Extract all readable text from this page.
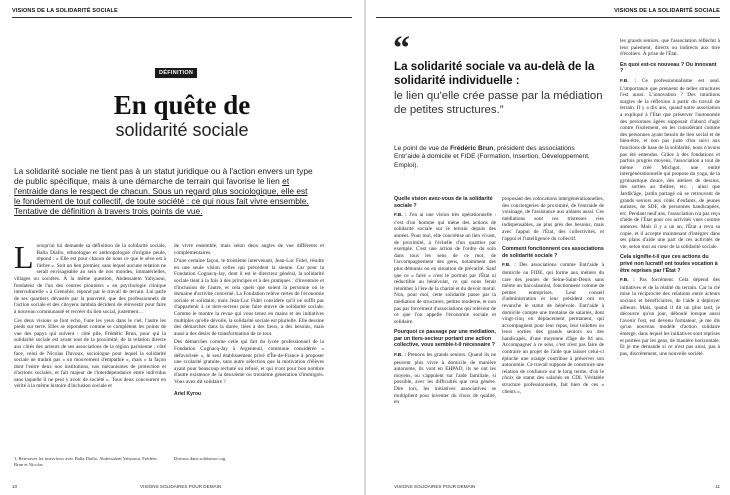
VISIONS DE LA SOLIDARITÉ SOCIALE
DÉFINITION
En quête de
solidarité sociale
La solidarité sociale ne tient pas à un statut juridique ou à l'action envers un type de public spécifique, mais à une démarche de terrain qui favorise le lien et l'entraide dans le respect de chacun. Sous un regard plus sociologique, elle est le fondement de tout collectif, de toute société : ce qui nous fait vivre ensemble. Tentative de définition à travers trois points de vue.
L orsqu'on lui demande sa définition de la solidarité sociale, Balla Diallo, ethnologue et anthropologue d'origine peule, répond : « Elle est pour chacun de nous ce que le sève est à l'arbre ». Soit un lien premier, sans lequel aucune relation ne serait envisageable au sein de nos mondes, immatérielles, villages ou sociétés. À la même question, Abdessalem Yahyaoui, fondateur de l'un des centres pionniers « en psychologie clinique interculturelle » à Grenoble, répond par le travail de terrain. Lui parle de ses quartiers dévastés par la pauvreté, que des professionnels de l'action sociale et des citoyens lambda décident de réinvestir pour faire à nouveau communauté et recréer du lien social, justement…

Ces deux visions se font écho, l'une les yeux dans le ciel, l'autre les pieds sur terre. Elles se répondent comme se complètent les points de vue des papys qui suivent : côté pile, Frédéric Brun, pour qui la solidarité sociale est avant tout de la proximité, de la relation directe aux côtés des acteurs de ses associations de la région parisienne ; côté face, celui de Nicolas Duvoux, sociologue pour lequel la solidarité sociale ne traduit pas « un mouvement d'empathie », mais « la façon dont l'entre deux nos institutions, nos mécanismes de protection et d'actions sociales, et fait majeur de l'interdépendance entre individus sans laquelle il ne peut y avoir de société ». Tous deux concourent en vérité à la même histoire d'inclusion sociale et

de vivre ensemble, mais selon deux angles de vue différents et complémentaires.

D'une certaine façon, le troisième intervenant, Jean-Luc Fidel, résulte en une seule vision celles qui précèdent la sienne. Car pour la Fondation Cognacq-Jay, dont il est le directeur général, la solidarité sociale tient à la fois à des principes et à des pratiques : d'inventure et d'inclusion de l'autre, et cela quels que soient la personne ou le domaine d'activité concerné. La Fondation relève certes de l'économie sociale et solidaire, mais Jean-Luc Fidel considère qu'il ne suffit pas d'appartenir à ce tiers-secteur pour faire œuvre de solidarité sociale. Comme le montre la revue qui vous tenez en mains et les initiatives multiples qu'elle dévoile, la solidarité sociale est plurielle. Elle dessine des démarches dans la durée, liées à des lieux, à des besoins, mais aussi à des désirs de transformation de ce tout.

Des démarches comme celle qui fait du lycée professionnel de la Fondation Cognacq-Jay à Argenteuil, commune considérée « défavorisée », le seul établissement privé d'Île-de-France à proposer une scolarité gratuite, sans autre sélection que la motivation d'élèves ayant pour beaucoup rechuté ou refusé, et qui n'ont pour bon nombre d'autre existence de la deuxième ou troisième génération d'immigrés. Vous avez dit solidaire ?

Ariel Kyrou
1. Retrouvez les interviews avec Balla Diallo, Abdessalem Yahyaoui, Frédéric Brun et Nicolas
Duvoux dans solidarsoc.org
10	VISIONS SOLIDAIRES POUR DEMAIN
VISIONS DE LA SOLIDARITÉ SOCIALE
“
La solidarité sociale va au-delà de la solidarité individuelle :
le lien qu'elle crée passe par la médiation de petites structures.”
Le point de vue de Frédéric Brun, président des associations Entr'aide à domicile et FIDE (Formation, Insertion, Développement, Emploi).
Quelle vision avez-vous de la solidarité sociale ?

F.B. : J'en ai une vision très opérationnelle : c'est d'un homme qui mène des actions de solidarité sociale sur le terrain depuis des années. Pour moi, elle concrétise un lien vivant, de proximité, à l'échelle d'un quartier par exemple. C'est une action de l'ordre du soin dans tous les sens de ce mot, de l'accompagnement des gens, notamment des plus démunis ou en situation de précarité. Sauf que ce « faire » n'est le portrait par l'État ni réductible au bénévolat, ce qui nous ferait retomber à l'ère de la charité et du devoir moral. Non, pour moi, cette solidarité passe par la médiation de structures, petites moderne, et non pas par forcément d'associations qui relèvent de ce que l'on appelle l'économie sociale et solidaire.

Pourquoi ce passage par une médiation, par un tiers-secteur portant une action collective, vous semble-t-il nécessaire ?

F.B. : Prenons les grands seniors. Quand ils ne peuvent plus vivre à domicile de manière autonome, ils vont en EHPAD, ils ne ont les moyens, ou s'appuient sur l'aide familiale, si possible, avec les difficultés que cela génère. Dire lors, les initiatives associatives se multiplient pour inventer du choix de qualité, en

proposant des colocations intergénérationnelles, des conciergeries de proximité, de l'entraide de voisinage, de l'assistance aux aidants aussi. Ces médiations sont ces tristesses vies indispensables, au plus près des besoins, mais avec l'appui de l'État, des collectivités, et l'appui et l'intelligence du collectif.

Comment fonctionnent ces associations de solidarité sociale ?

F.B. : Des associations comme Entr'aide à domicile ou FIDE, qui forme aux métiers du care des jeunes de Seine-Saint-Denis sans même un baccalauréat, fonctionnent comme de petites entreprises. Leur conseil d'administration et leur président ont en revanche le statut de bénévole. Entr'aide à domicile compte une trentaine de salariés, dont vingt-cinq en déplacement permanent, qui accompagnent pour leur repas, leur toilettes ou leurs sorties des grands seniors ou des handicapés, d'une moyenne d'âge de 84 ans. Accompagner à ce sens, c'est n'est pas faire de contraire un projet de l'aide que laisser celui-ci épluche une orange contribue à préserver son autonomie. Ce travail suppose de construire une relation de confiance sur le long terme, d'où le choix de statut des salariés en CDI. Véritable structure professionnelle, fait bien de ces « clients »,

les grands seniors, que l'association réfléchit à leur paiement, directs ou indirects aux titre d'écoliers. À prise de l'État.

En quoi est-ce nouveau ? Ou innovant ?

F.B. : Ce professionnalisme est seul. L'importance que prennent de telles structures l'est aussi. L'innovation ? Des intuitions surgies de la réflexion à partir du travail de terrain. Il y a dix ans, quand notre association a expliqué à l'État que préserver l'autonomie des personnes âgées supposait d'abord d'agir contre l'isolement, en les considérant comme des personnes ayant besoin de lien social et de bien-être, et non pas juste d'un suivi aux fonctions de base de la solidarité, nous n'avons pas été entendus. Grâce à des fondations et parfois progrès moyens, l'association a tout de même créé Michgot, une entité intergénérationnelle qui propose du yoga, de la gymnastique douce, des ateliers de dessins, des sorties au théâtre, etc. ; ainsi que Jardik'âge, jardin partagé où se retrouvent de grands seniors aux côtés d'enfants, de jeunes autistes, de SDF, de personnes handicapées, etc. Pendant neuf ans, l'association n'a pas reçu d'aide de l'État pour ces activités vues comme annexes. Mais il y a un an, l'État a revu sa copie, et il accepte maintenant d'intégrer dans ses plans d'aide une part de ces activités de vie, selon moi au cœur de la solidarité sociale.

Cela signifie-t-il que ces actions du privé non lucratif ont toutes vocation à être reprises par l'État ?

F.B. : Pas forcément. Cela dépend des initiatives et de la réalité du terrain. Car la clé mise la réciprocité des relations entre acteurs sociaux et bénéficiaires, de l'aide à déployer ailleurs. Mais, quand il dit un plus tard, je découvre qu'un jour, déboulé lorsque aussi l'avenir l'est, est devenu formateur, je me dis qu'un nouveau modèle d'action solidaire émerge, dans lequel les initiatives sont reprises et portées par les gens, de manière horizontale. Et je me demande si ce n'est pas ainsi, pas à pas, discrètement, une nouvelle société.

VISIONS SOLIDAIRES POUR DEMAIN	11
